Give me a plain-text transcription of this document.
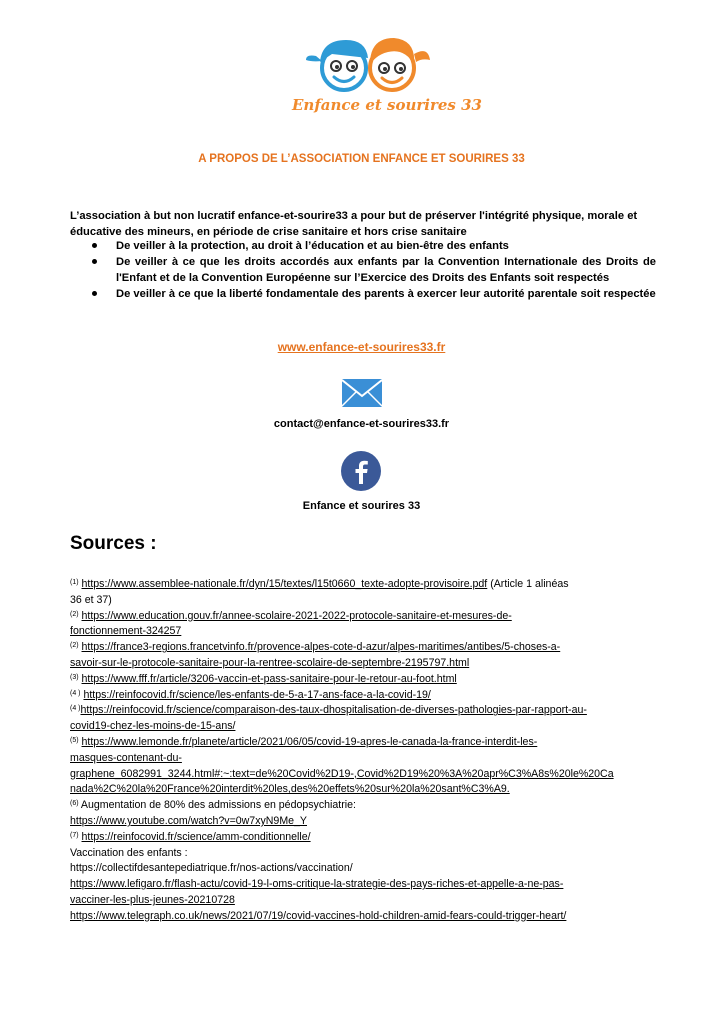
Enfance et sourires 33
A PROPOS DE L’ASSOCIATION ENFANCE ET SOURIRES 33
L’association à but non lucratif enfance-et-sourire33 a pour but de préserver l'intégrité physique, morale et éducative des mineurs, en période de crise sanitaire et hors crise sanitaire
De veiller à la protection, au droit à l’éducation et au bien-être des enfants
De veiller à ce que les droits accordés aux enfants par la Convention Internationale des Droits de l'Enfant et de la Convention Européenne sur l’Exercice des Droits des Enfants soit respectés
De veiller à ce que la liberté fondamentale des parents à exercer leur autorité parentale soit respectée
www.enfance-et-sourires33.fr
contact@enfance-et-sourires33.fr
Enfance et sourires 33
Sources :
$^{(1)}$ https://www.assemblee-nationale.fr/dyn/15/textes/l15t0660_texte-adopte-provisoire.pdf (Article 1 alinéas
36 et 37)
$^{(2)}$ https://www.education.gouv.fr/annee-scolaire-2021-2022-protocole-sanitaire-et-mesures-de-
fonctionnement-324257
$^{(2)}$ https://france3-regions.francetvinfo.fr/provence-alpes-cote-d-azur/alpes-maritimes/antibes/5-choses-a-
savoir-sur-le-protocole-sanitaire-pour-la-rentree-scolaire-de-septembre-2195797.html
$^{(3)}$ https://www.fff.fr/article/3206-vaccin-et-pass-sanitaire-pour-le-retour-au-foot.html
$^{(4 )}$ https://reinfocovid.fr/science/les-enfants-de-5-a-17-ans-face-a-la-covid-19/
$^{(4 )}$https://reinfocovid.fr/science/comparaison-des-taux-dhospitalisation-de-diverses-pathologies-par-rapport-au-
covid19-chez-les-moins-de-15-ans/
$^{(5)}$ https://www.lemonde.fr/planete/article/2021/06/05/covid-19-apres-le-canada-la-france-interdit-les-
masques-contenant-du-
graphene_6082991_3244.html#:~:text=de%20Covid%2D19-,Covid%2D19%20%3A%20apr%C3%A8s%20le%20Ca
nada%2C%20la%20France%20interdit%20les,des%20effets%20sur%20la%20sant%C3%A9.
$^{(6)}$ Augmentation de 80% des admissions en pédopsychiatrie:
https://www.youtube.com/watch?v=0w7xyN9Me_Y
$^{(7)}$ https://reinfocovid.fr/science/amm-conditionnelle/
Vaccination des enfants :
https://collectifdesantepediatrique.fr/nos-actions/vaccination/
https://www.lefigaro.fr/flash-actu/covid-19-l-oms-critique-la-strategie-des-pays-riches-et-appelle-a-ne-pas-
vacciner-les-plus-jeunes-20210728
https://www.telegraph.co.uk/news/2021/07/19/covid-vaccines-hold-children-amid-fears-could-trigger-heart/
